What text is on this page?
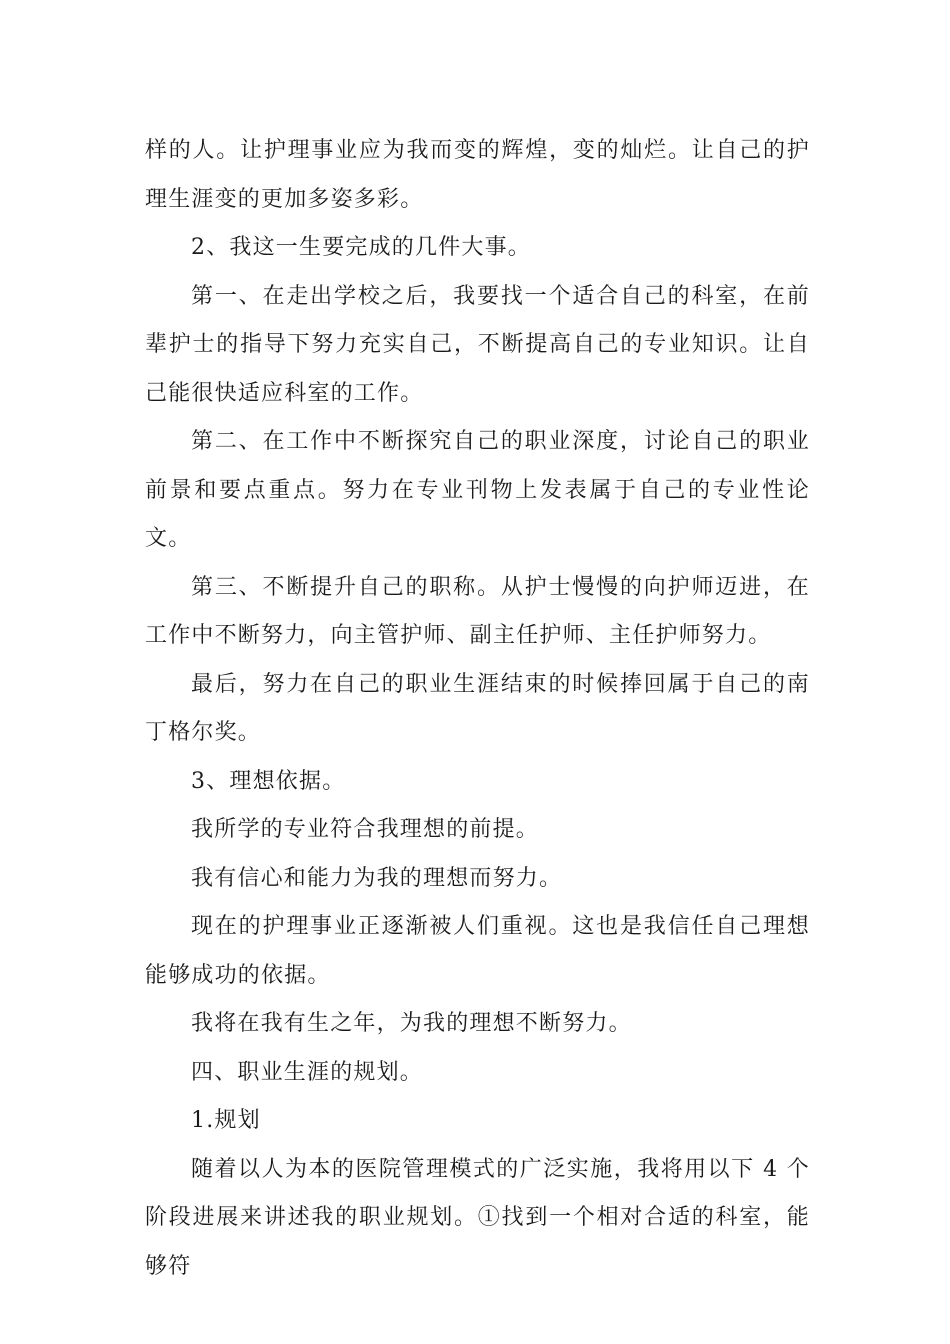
样的人。让护理事业应为我而变的辉煌，变的灿烂。让自己的护理生涯变的更加多姿多彩。

2、我这一生要完成的几件大事。

第一、在走出学校之后，我要找一个适合自己的科室，在前辈护士的指导下努力充实自己，不断提高自己的专业知识。让自己能很快适应科室的工作。

第二、在工作中不断探究自己的职业深度，讨论自己的职业前景和要点重点。努力在专业刊物上发表属于自己的专业性论文。

第三、不断提升自己的职称。从护士慢慢的向护师迈进，在工作中不断努力，向主管护师、副主任护师、主任护师努力。

最后，努力在自己的职业生涯结束的时候捧回属于自己的南丁格尔奖。

3、理想依据。

我所学的专业符合我理想的前提。

我有信心和能力为我的理想而努力。

现在的护理事业正逐渐被人们重视。这也是我信任自己理想能够成功的依据。

我将在我有生之年，为我的理想不断努力。

四、职业生涯的规划。

1.规划

随着以人为本的医院管理模式的广泛实施，我将用以下 4 个阶段进展来讲述我的职业规划。①找到一个相对合适的科室，能够符
